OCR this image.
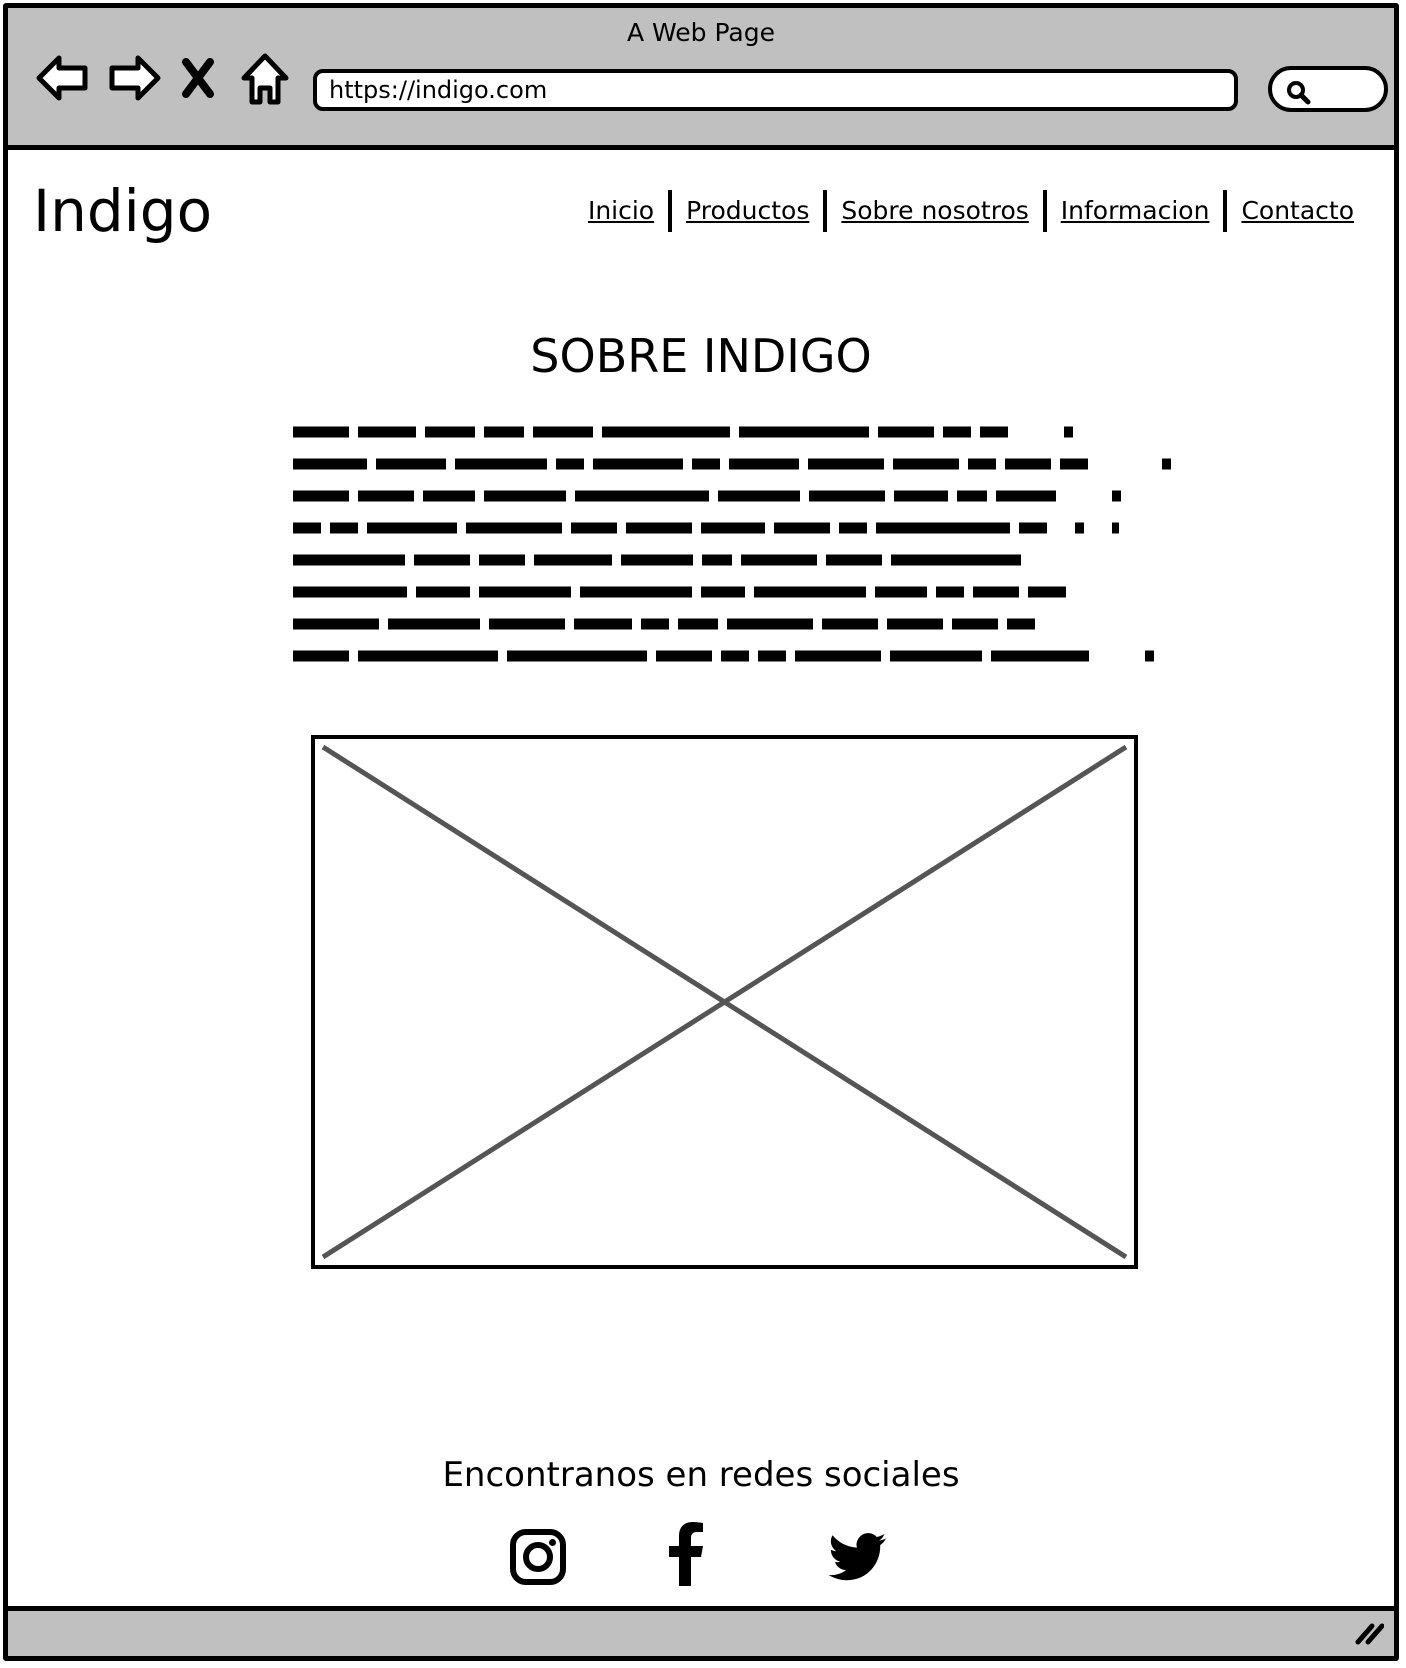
A Web Page
https://indigo.com
Indigo	Inicio	Productos	Sobre nosotros	Informacion	Contacto
SOBRE INDIGO
Encontranos en redes sociales
